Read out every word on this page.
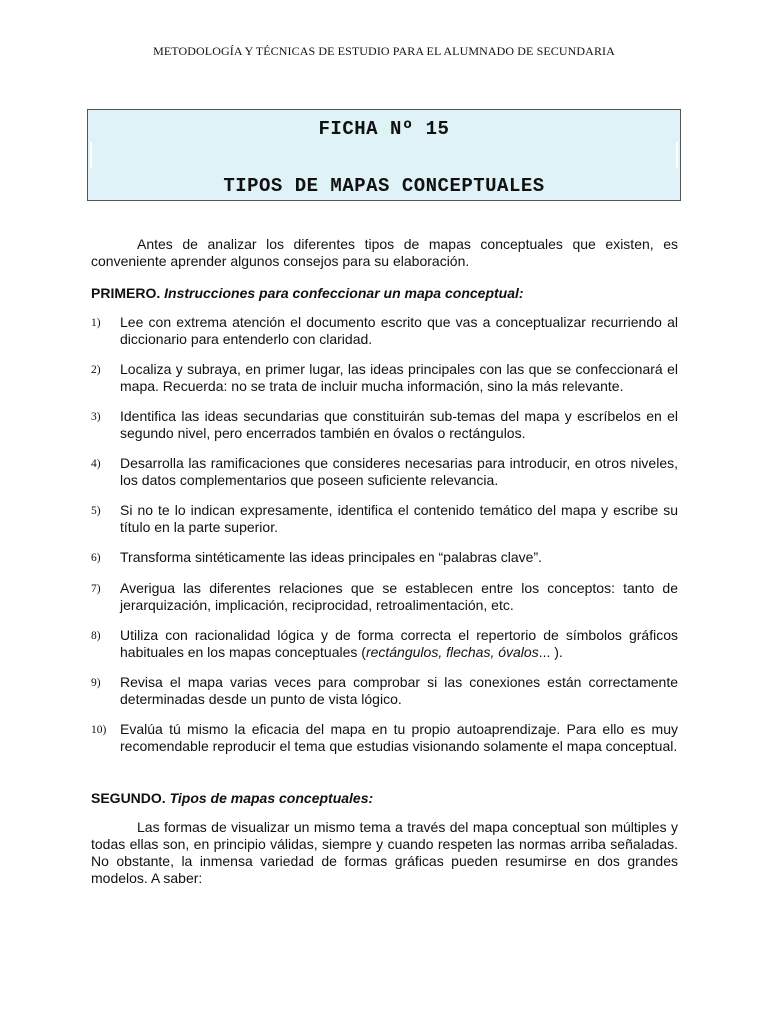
METODOLOGÍA Y TÉCNICAS DE ESTUDIO PARA EL ALUMNADO DE SECUNDARIA
FICHA Nº 15
TIPOS DE MAPAS CONCEPTUALES

Antes de analizar los diferentes tipos de mapas conceptuales que existen, es conveniente aprender algunos consejos para su elaboración.

PRIMERO. Instrucciones para confeccionar un mapa conceptual:
1)	Lee con extrema atención el documento escrito que vas a conceptualizar recurriendo al diccionario para entenderlo con claridad.
2)	Localiza y subraya, en primer lugar, las ideas principales con las que se confeccionará el mapa. Recuerda: no se trata de incluir mucha información, sino la más relevante.
3)	Identifica las ideas secundarias que constituirán sub-temas del mapa y escríbelos en el segundo nivel, pero encerrados también en óvalos o rectángulos.
4)	Desarrolla las ramificaciones que consideres necesarias para introducir, en otros niveles, los datos complementarios que poseen suficiente relevancia.
5)	Si no te lo indican expresamente, identifica el contenido temático del mapa y escribe su título en la parte superior.
6)	Transforma sintéticamente las ideas principales en “palabras clave”.
7)	Averigua las diferentes relaciones que se establecen entre los conceptos: tanto de jerarquización, implicación, reciprocidad, retroalimentación, etc.
8)	Utiliza con racionalidad lógica y de forma correcta el repertorio de símbolos gráficos habituales en los mapas conceptuales (rectángulos, flechas, óvalos... ).
9)	Revisa el mapa varias veces para comprobar si las conexiones están correctamente determinadas desde un punto de vista lógico.
10) Evalúa tú mismo la eficacia del mapa en tu propio autoaprendizaje. Para ello es muy recomendable reproducir el tema que estudias visionando solamente el mapa conceptual.
SEGUNDO. Tipos de mapas conceptuales:

Las formas de visualizar un mismo tema a través del mapa conceptual son múltiples y todas ellas son, en principio válidas, siempre y cuando respeten las normas arriba señaladas. No obstante, la inmensa variedad de formas gráficas pueden resumirse en dos grandes modelos. A saber:
